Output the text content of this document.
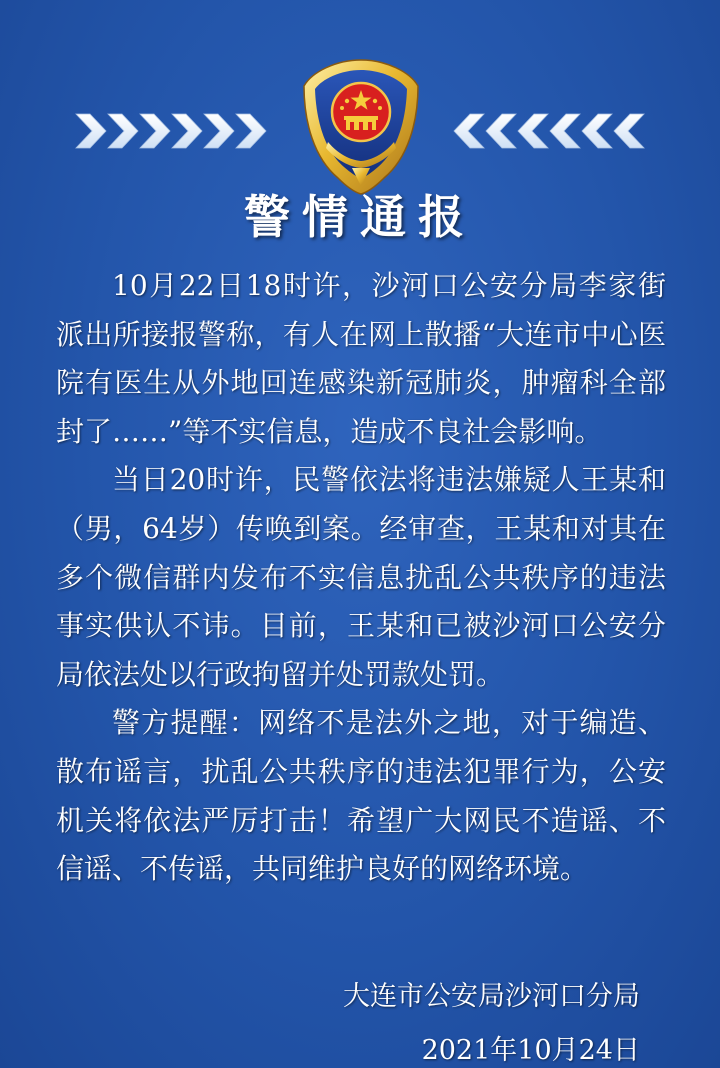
警情通报

10月22日18时许，沙河口公安分局李家街派出所接报警称，有人在网上散播“大连市中心医院有医生从外地回连感染新冠肺炎，肿瘤科全部封了……”等不实信息，造成不良社会影响。

当日20时许，民警依法将违法嫌疑人王某和（男，64岁）传唤到案。经审查，王某和对其在多个微信群内发布不实信息扰乱公共秩序的违法事实供认不讳。目前，王某和已被沙河口公安分局依法处以行政拘留并处罚款处罚。

警方提醒：网络不是法外之地，对于编造、散布谣言，扰乱公共秩序的违法犯罪行为，公安机关将依法严厉打击！希望广大网民不造谣、不信谣、不传谣，共同维护良好的网络环境。

大连市公安局沙河口分局
2021年10月24日
